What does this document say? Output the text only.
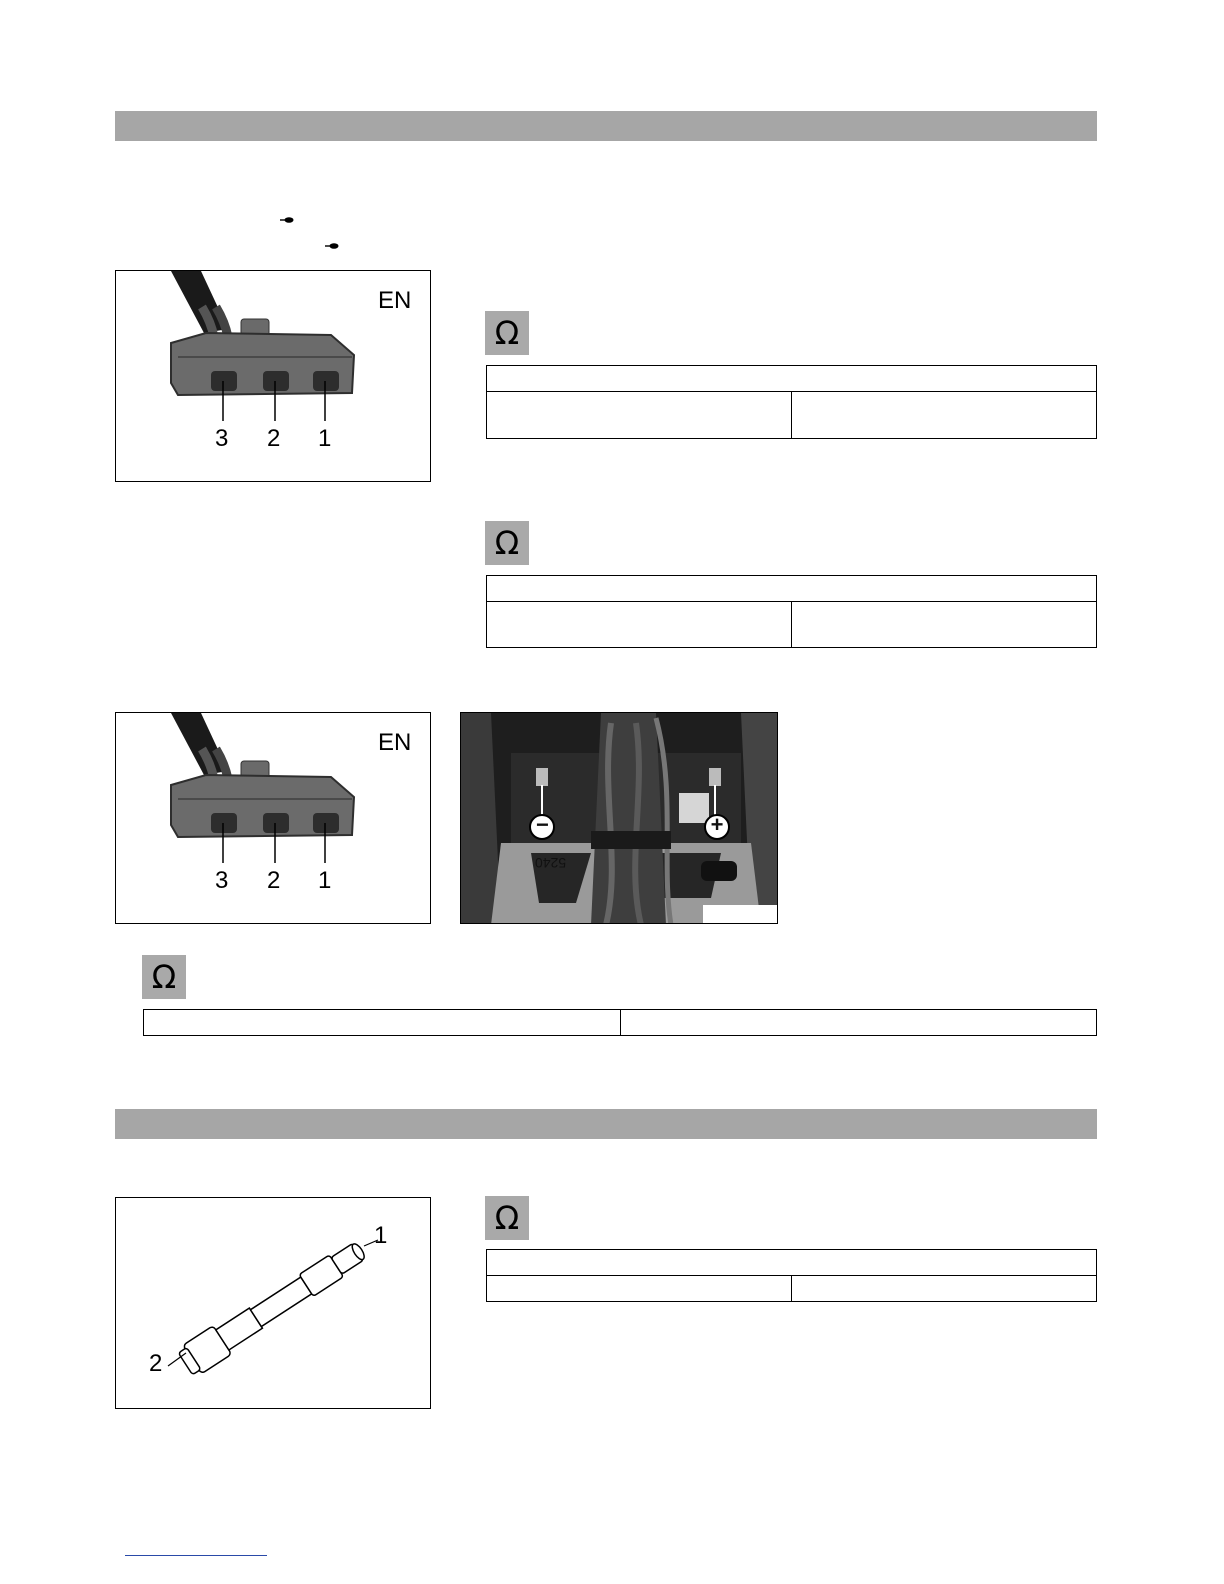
EN
3 2 1
Ω

Ω

EN
3 2 1
−	+
5240
Ω

1
2
Ω
